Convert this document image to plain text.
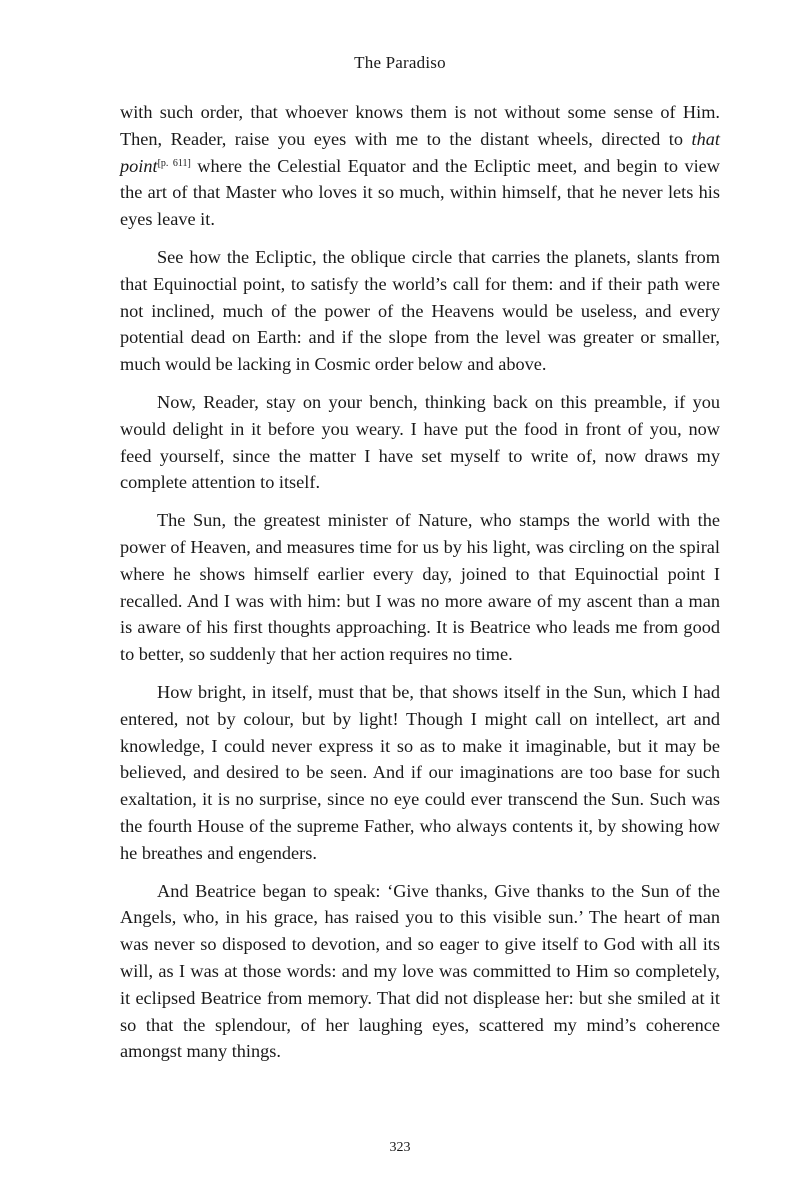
The Paradiso

with such order, that whoever knows them is not without some sense of Him. Then, Reader, raise you eyes with me to the distant wheels, directed to that point[p. 611] where the Celestial Equator and the Ecliptic meet, and begin to view the art of that Master who loves it so much, within himself, that he never lets his eyes leave it.

See how the Ecliptic, the oblique circle that carries the planets, slants from that Equinoctial point, to satisfy the world’s call for them: and if their path were not inclined, much of the power of the Heavens would be useless, and every potential dead on Earth: and if the slope from the level was greater or smaller, much would be lacking in Cosmic order below and above.

Now, Reader, stay on your bench, thinking back on this preamble, if you would delight in it before you weary. I have put the food in front of you, now feed yourself, since the matter I have set myself to write of, now draws my complete attention to itself.

The Sun, the greatest minister of Nature, who stamps the world with the power of Heaven, and measures time for us by his light, was circling on the spiral where he shows himself earlier every day, joined to that Equinoctial point I recalled. And I was with him: but I was no more aware of my ascent than a man is aware of his first thoughts approaching. It is Beatrice who leads me from good to better, so suddenly that her action requires no time.

How bright, in itself, must that be, that shows itself in the Sun, which I had entered, not by colour, but by light! Though I might call on intellect, art and knowledge, I could never express it so as to make it imaginable, but it may be believed, and desired to be seen. And if our imaginations are too base for such exaltation, it is no surprise, since no eye could ever transcend the Sun. Such was the fourth House of the supreme Father, who always contents it, by showing how he breathes and engenders.

And Beatrice began to speak: ‘Give thanks, Give thanks to the Sun of the Angels, who, in his grace, has raised you to this visible sun.’ The heart of man was never so disposed to devotion, and so eager to give itself to God with all its will, as I was at those words: and my love was committed to Him so completely, it eclipsed Beatrice from memory. That did not displease her: but she smiled at it so that the splendour, of her laughing eyes, scattered my mind’s coherence amongst many things.

323
